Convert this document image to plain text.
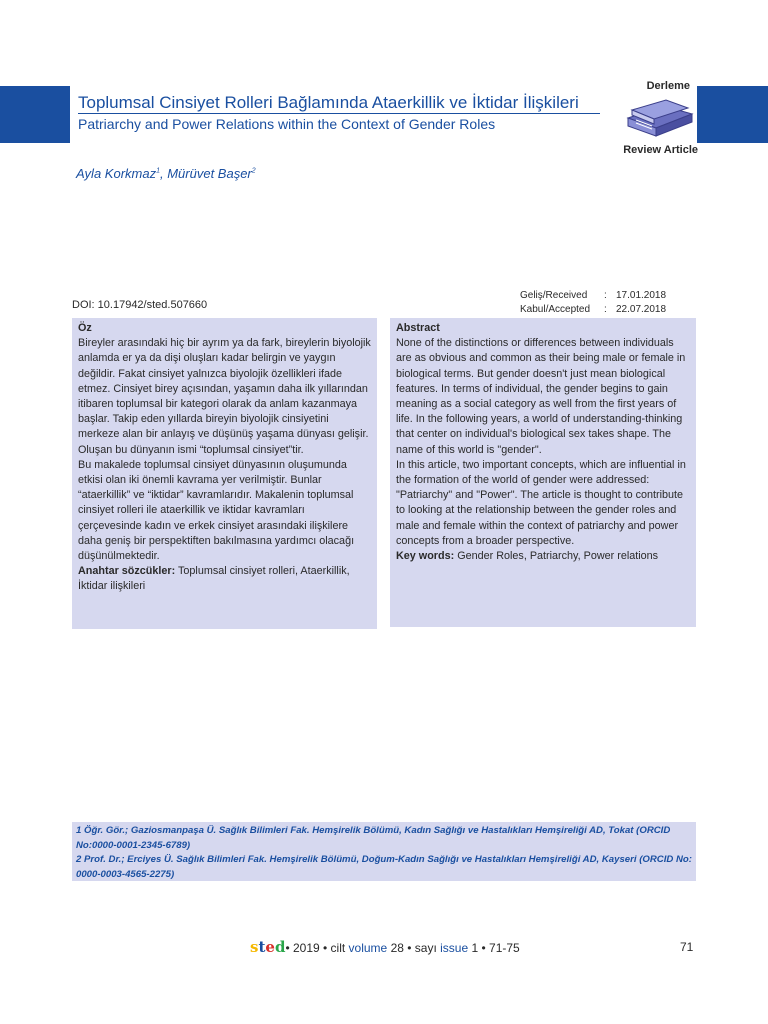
Toplumsal Cinsiyet Rolleri Bağlamında Ataerkillik ve İktidar İlişkileri
Patriarchy and Power Relations within the Context of Gender Roles
Derleme
Review Article
Ayla Korkmaz$^1$, Mürüvet Başer$^2$
Geliş/Received : 17.01.2018
Kabul/Accepted : 22.07.2018
DOI: 10.17942/sted.507660
Öz
Bireyler arasındaki hiç bir ayrım ya da fark, bireylerin biyolojik anlamda er ya da dişi oluşları kadar belirgin ve yaygın değildir. Fakat cinsiyet yalnızca biyolojik özellikleri ifade etmez. Cinsiyet birey açısından, yaşamın daha ilk yıllarından itibaren toplumsal bir kategori olarak da anlam kazanmaya başlar. Takip eden yıllarda bireyin biyolojik cinsiyetini merkeze alan bir anlayış ve düşünüş yaşama dünyası gelişir. Oluşan bu dünyanın ismi “toplumsal cinsiyet”tir.
Bu makalede toplumsal cinsiyet dünyasının oluşumunda etkisi olan iki önemli kavrama yer verilmiştir. Bunlar “ataerkillik” ve “iktidar” kavramlarıdır. Makalenin toplumsal cinsiyet rolleri ile ataerkillik ve iktidar kavramları çerçevesinde kadın ve erkek cinsiyet arasındaki ilişkilere daha geniş bir perspektiften bakılmasına yardımcı olacağı düşünülmektedir.
Anahtar sözcükler: Toplumsal cinsiyet rolleri, Ataerkillik, İktidar ilişkileri
Abstract
None of the distinctions or differences between individuals are as obvious and common as their being male or female in biological terms. But gender doesn't just mean biological features. In terms of individual, the gender begins to gain meaning as a social category as well from the first years of life. In the following years, a world of understanding-thinking that center on individual's biological sex takes shape. The name of this world is "gender".
In this article, two important concepts, which are influential in the formation of the world of gender were addressed: "Patriarchy" and "Power". The article is thought to contribute to looking at the relationship between the gender roles and male and female within the context of patriarchy and power concepts from a broader perspective.
Key words: Gender Roles, Patriarchy, Power relations
1 Öğr. Gör.; Gaziosmanpaşa Ü. Sağlık Bilimleri Fak. Hemşirelik Bölümü, Kadın Sağlığı ve Hastalıkları Hemşireliği AD, Tokat (ORCID No:0000-0001-2345-6789)
2 Prof. Dr.; Erciyes Ü. Sağlık Bilimleri Fak. Hemşirelik Bölümü, Doğum-Kadın Sağlığı ve Hastalıkları Hemşireliği AD, Kayseri (ORCID No: 0000-0003-4565-2275)
sted• 2019 • cilt volume 28 • sayı issue 1 • 71-75	71
